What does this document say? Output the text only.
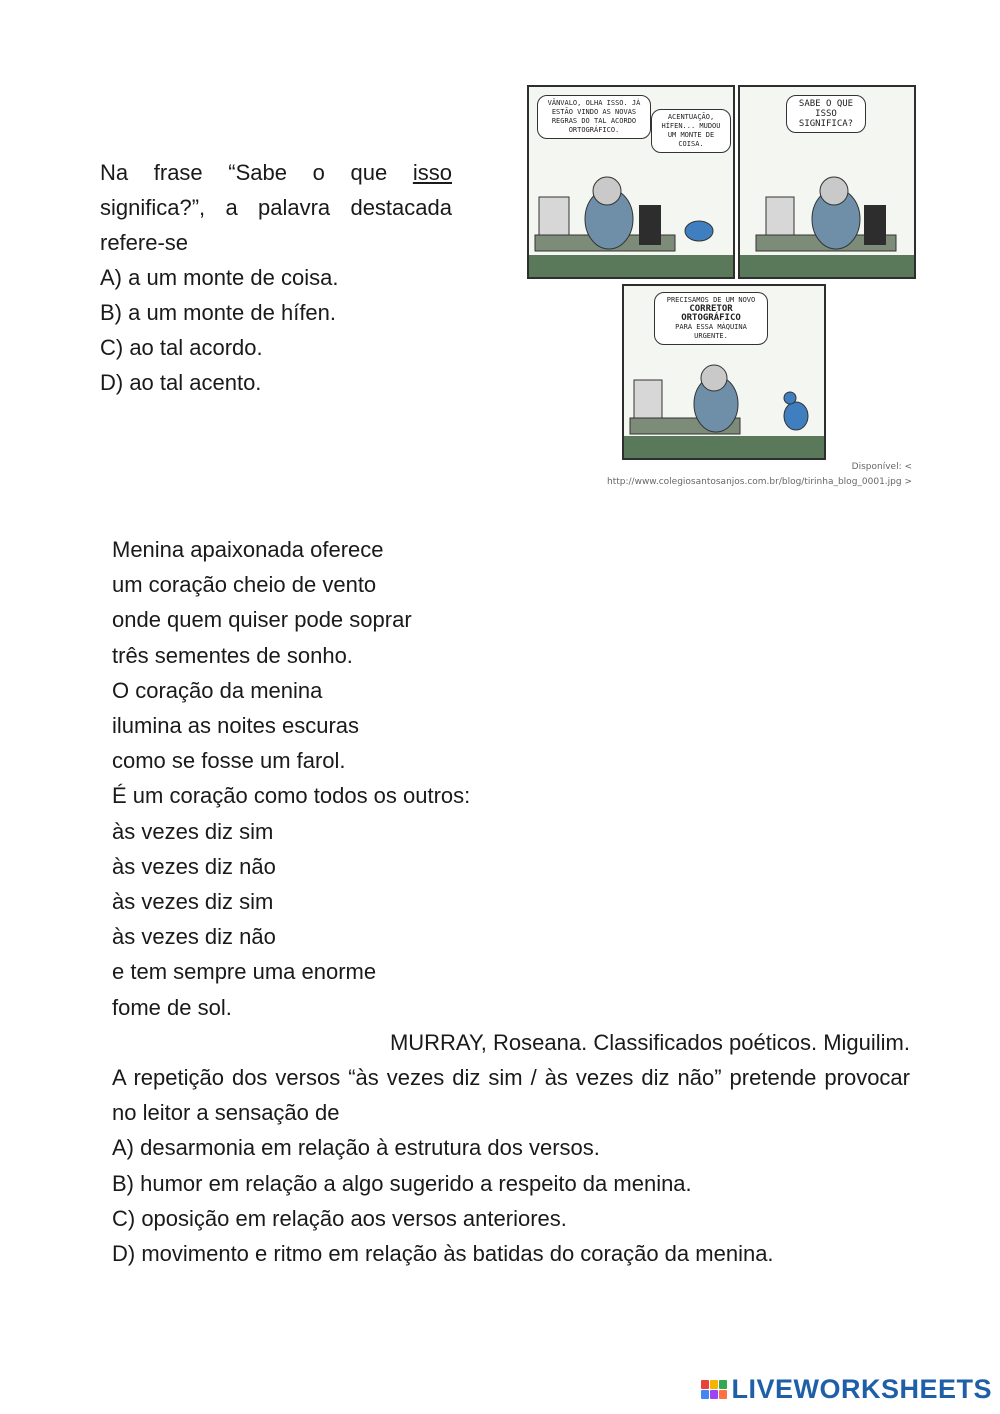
Na frase “Sabe o que isso significa?”, a palavra destacada refere-se

A) a um monte de coisa.

B) a um monte de hífen.

C) ao tal acordo.

D) ao tal acento.

VÂNVALO, OLHA ISSO. JÁ ESTÃO VINDO AS NOVAS REGRAS DO TAL ACORDO ORTOGRÁFICO.
ACENTUAÇÃO, HÍFEN... MUDOU UM MONTE DE COISA.
SABE O QUE ISSO SIGNIFICA?
PRECISAMOS DE UM NOVO
CORRETOR ORTOGRÁFICO
PARA ESSA MÁQUINA URGENTE.
Disponível: <
http://www.colegiosantosanjos.com.br/blog/tirinha_blog_0001.jpg >

Menina apaixonada oferece

um coração cheio de vento

onde quem quiser pode soprar

três sementes de sonho.

O coração da menina

ilumina as noites escuras

como se fosse um farol.

É um coração como todos os outros:

às vezes diz sim

às vezes diz não

às vezes diz sim

às vezes diz não

e tem sempre uma enorme

fome de sol.

MURRAY, Roseana. Classificados poéticos. Miguilim.

A repetição dos versos “às vezes diz sim / às vezes diz não” pretende provocar no leitor a sensação de

A) desarmonia em relação à estrutura dos versos.

B) humor em relação a algo sugerido a respeito da menina.

C) oposição em relação aos versos anteriores.

D) movimento e ritmo em relação às batidas do coração da menina.

LIVEWORKSHEETS
